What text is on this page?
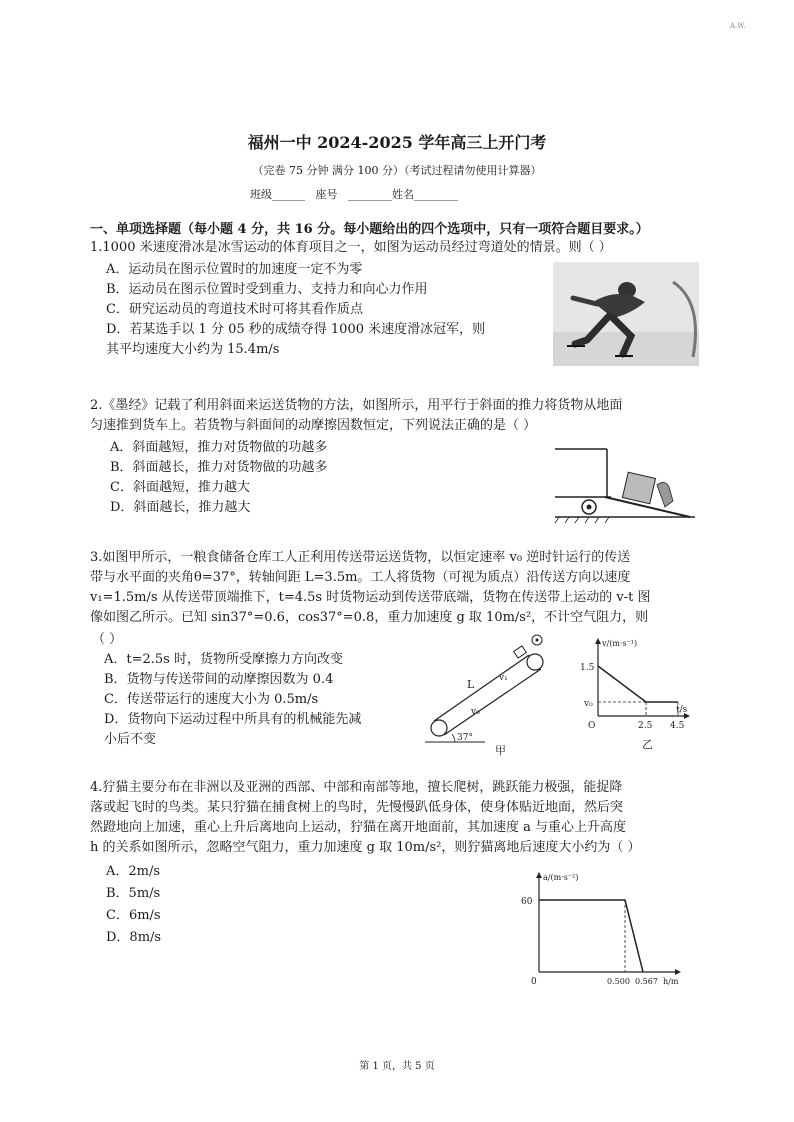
A.W.
福州一中 2024-2025 学年高三上开门考
（完卷 75 分钟 满分 100 分）（考试过程请勿使用计算器）
班级______   座号   ________姓名________
一、单项选择题（每小题 4 分，共 16 分。每小题给出的四个选项中，只有一项符合题目要求。）
1.1000 米速度滑冰是冰雪运动的体育项目之一，如图为运动员经过弯道处的情景。则（ ）
A．运动员在图示位置时的加速度一定不为零
B．运动员在图示位置时受到重力、支持力和向心力作用
C．研究运动员的弯道技术时可将其看作质点
D．若某选手以 1 分 05 秒的成绩夺得 1000 米速度滑冰冠军，则
其平均速度大小约为 15.4m/s
2.《墨经》记载了利用斜面来运送货物的方法，如图所示，用平行于斜面的推力将货物从地面
匀速推到货车上。若货物与斜面间的动摩擦因数恒定，下列说法正确的是（ ）
A．斜面越短，推力对货物做的功越多
B．斜面越长，推力对货物做的功越多
C．斜面越短，推力越大
D．斜面越长，推力越大
3.如图甲所示，一粮食储备仓库工人正利用传送带运送货物，以恒定速率 v₀ 逆时针运行的传送
带与水平面的夹角θ=37°，转轴间距 L=3.5m。工人将货物（可视为质点）沿传送方向以速度
v₁=1.5m/s 从传送带顶端推下，t=4.5s 时货物运动到传送带底端，货物在传送带上运动的 v-t 图
像如图乙所示。已知 sin37°=0.6，cos37°=0.8，重力加速度 g 取 10m/s²，不计空气阻力，则
（ ）
A．t=2.5s 时，货物所受摩擦力方向改变
B．货物与传送带间的动摩擦因数为 0.4
C．传送带运行的速度大小为 0.5m/s
D．货物向下运动过程中所具有的机械能先减
小后不变
L	v₁
v₀
37°
甲
v/(m·s⁻¹)
1.5
v₀
2.5 4.5
t/s
O
乙
4.狞猫主要分布在非洲以及亚洲的西部、中部和南部等地，擅长爬树，跳跃能力极强，能捉降
落或起飞时的鸟类。某只狞猫在捕食树上的鸟时，先慢慢趴低身体，使身体贴近地面，然后突
然蹬地向上加速，重心上升后离地向上运动，狞猫在离开地面前，其加速度 a 与重心上升高度
h 的关系如图所示，忽略空气阻力，重力加速度 g 取 10m/s²，则狞猫离地后速度大小约为（ ）
A．2m/s
B．5m/s
C．6m/s
D．8m/s
a/(m·s⁻²)
60
0	0.500 0.567 h/m
第 1 页，共 5 页
